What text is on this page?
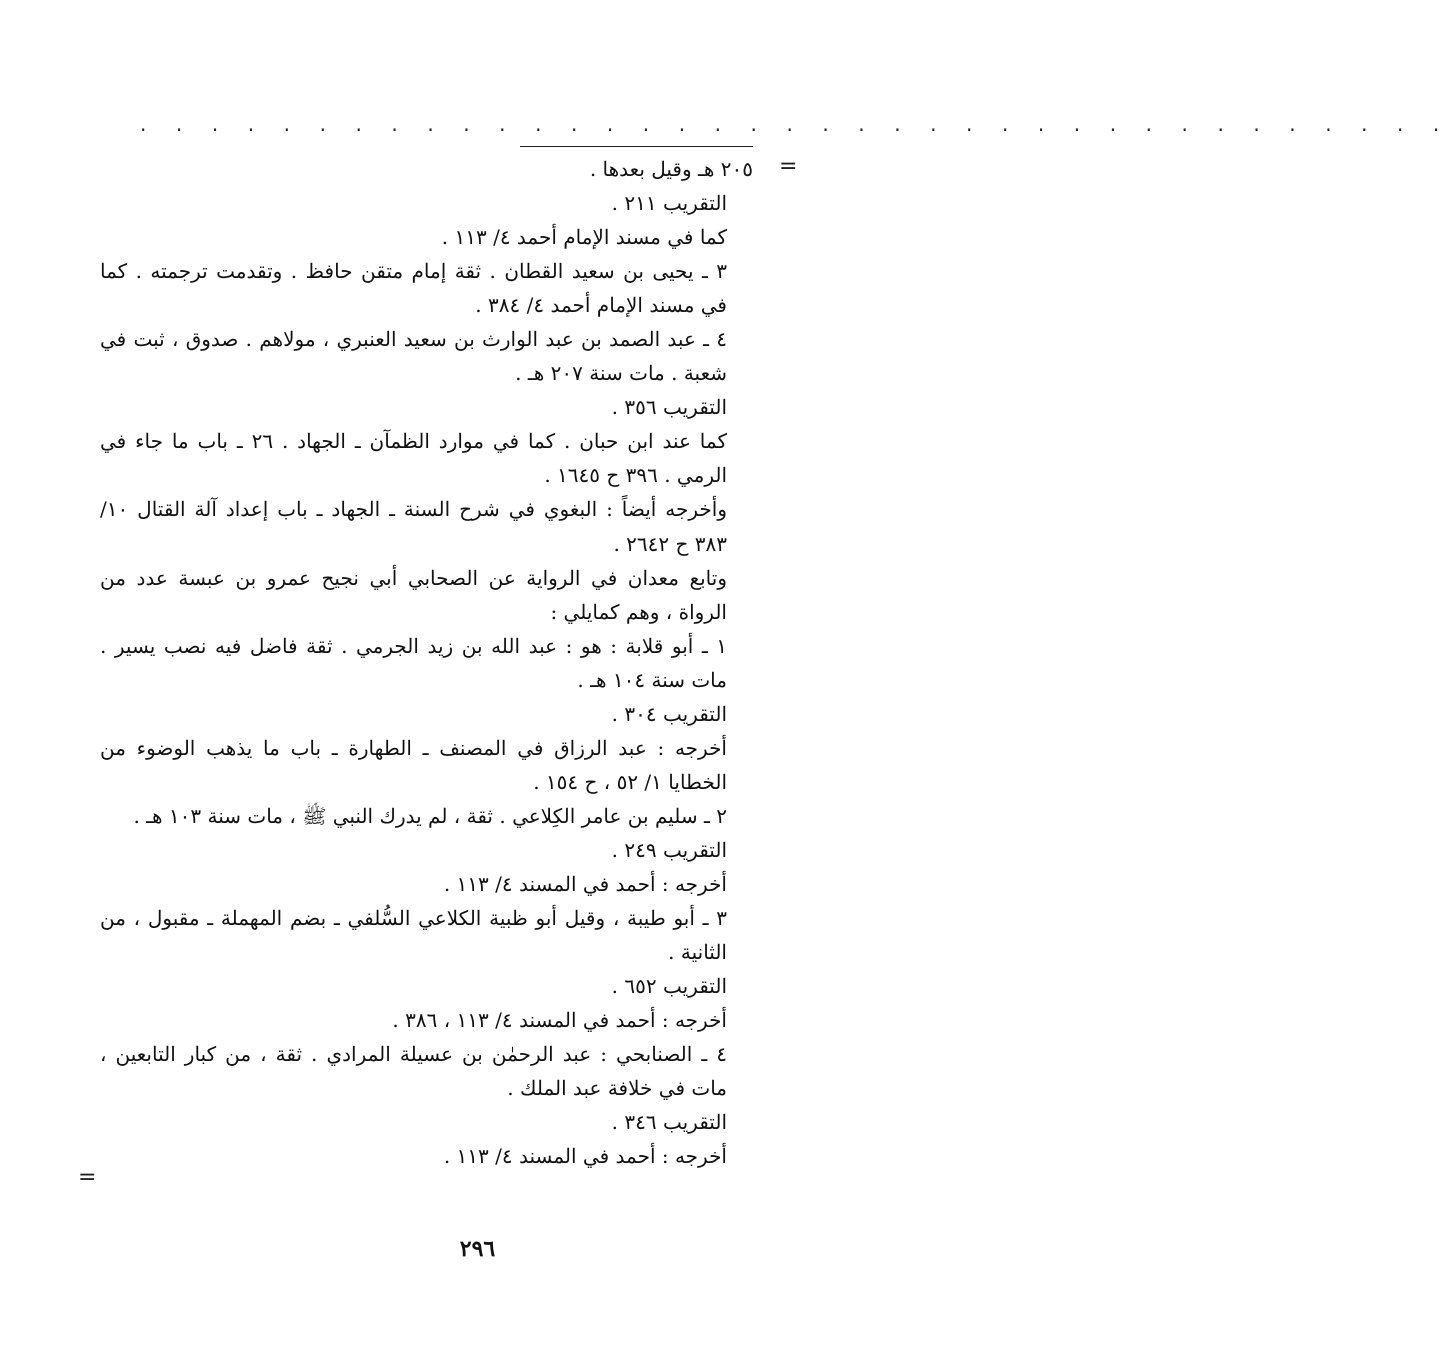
. . . . . . . . . . . . . . . . . . . . . . . . . . . . . . . . . . . . .
=

٢٠٥ هـ وقيل بعدها .

التقريب ٢١١ .

كما في مسند الإمام أحمد ٤/ ١١٣ .

٣ ـ يحيى بن سعيد القطان . ثقة إمام متقن حافظ . وتقدمت ترجمته . كما في مسند الإمام أحمد ٤/ ٣٨٤ .

٤ ـ عبد الصمد بن عبد الوارث بن سعيد العنبري ، مولاهم . صدوق ، ثبت في شعبة . مات سنة ٢٠٧ هـ .

التقريب ٣٥٦ .

كما عند ابن حبان . كما في موارد الظمآن ـ الجهاد . ٢٦ ـ باب ما جاء في الرمي . ٣٩٦ ح ١٦٤٥ .

وأخرجه أيضاً : البغوي في شرح السنة ـ الجهاد ـ باب إعداد آلة القتال ١٠/ ٣٨٣ ح ٢٦٤٢ .

وتابع معدان في الرواية عن الصحابي أبي نجيح عمرو بن عبسة عدد من الرواة ، وهم كمايلي :

١ ـ أبو قلابة : هو : عبد الله بن زيد الجرمي . ثقة فاضل فيه نصب يسير . مات سنة ١٠٤ هـ .

التقريب ٣٠٤ .

أخرجه : عبد الرزاق في المصنف ـ الطهارة ـ باب ما يذهب الوضوء من الخطايا ١/ ٥٢ ، ح ١٥٤ .

٢ ـ سليم بن عامر الكِلاعي . ثقة ، لم يدرك النبي ﷺ ، مات سنة ١٠٣ هـ .

التقريب ٢٤٩ .

أخرجه : أحمد في المسند ٤/ ١١٣ .

٣ ـ أبو طيبة ، وقيل أبو ظبية الكلاعي السُّلفي ـ بضم المهملة ـ مقبول ، من الثانية .

التقريب ٦٥٢ .

أخرجه : أحمد في المسند ٤/ ١١٣ ، ٣٨٦ .

٤ ـ الصنابحي : عبد الرحمٰن بن عسيلة المرادي . ثقة ، من كبار التابعين ، مات في خلافة عبد الملك .

التقريب ٣٤٦ .

أخرجه : أحمد في المسند ٤/ ١١٣ .

=
٢٩٦
